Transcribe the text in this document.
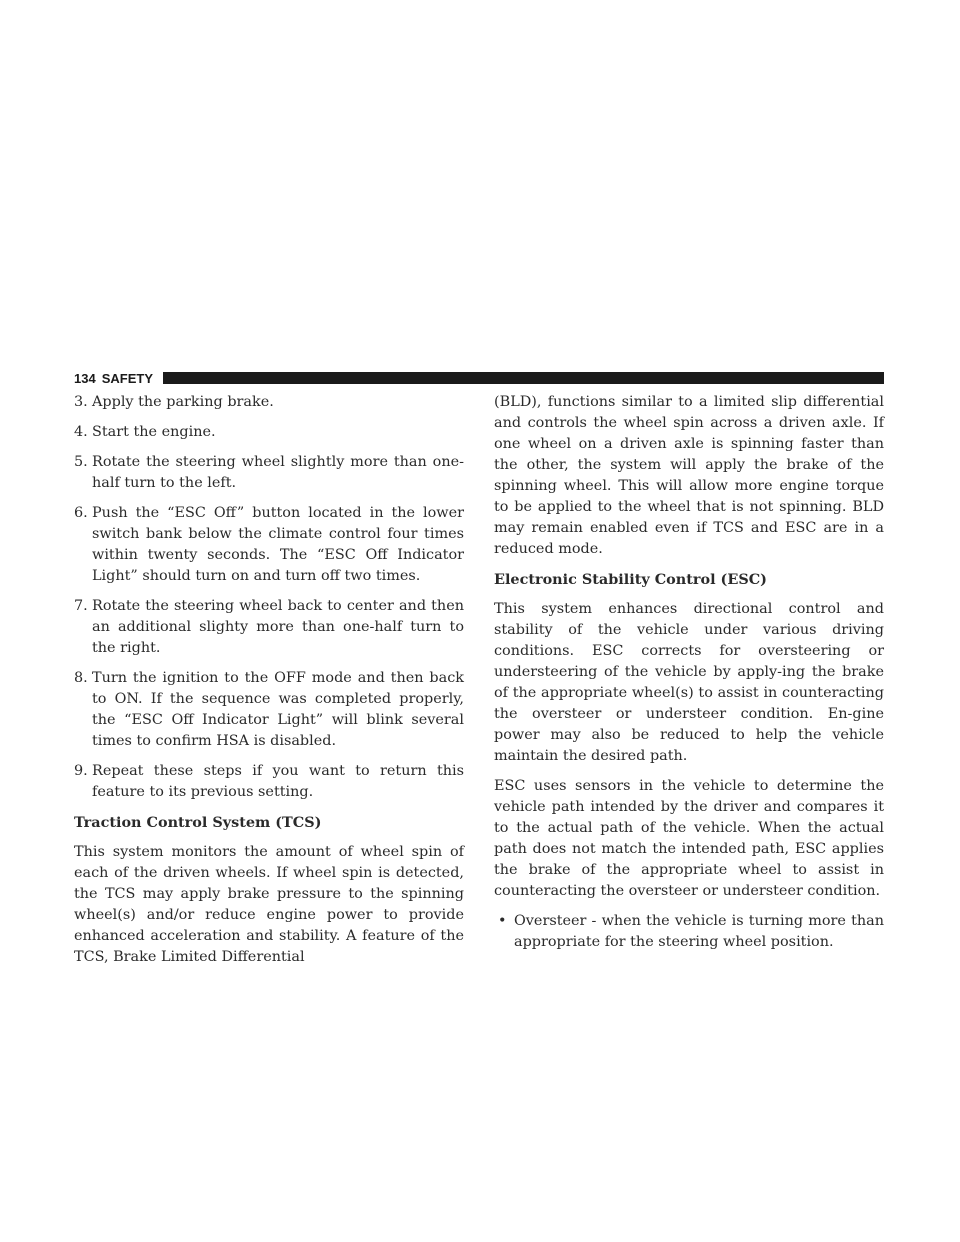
134 SAFETY
3. Apply the parking brake.
4. Start the engine.
5. Rotate the steering wheel slightly more than one-half turn to the left.
6. Push the “ESC Off” button located in the lower switch bank below the climate control four times within twenty seconds. The “ESC Off Indicator Light” should turn on and turn off two times.
7. Rotate the steering wheel back to center and then an additional slighty more than one-half turn to the right.
8. Turn the ignition to the OFF mode and then back to ON. If the sequence was completed properly, the “ESC Off Indicator Light” will blink several times to confirm HSA is disabled.
9. Repeat these steps if you want to return this feature to its previous setting.
Traction Control System (TCS)

This system monitors the amount of wheel spin of each of the driven wheels. If wheel spin is detected, the TCS may apply brake pressure to the spinning wheel(s) and/or reduce engine power to provide enhanced acceleration and stability. A feature of the TCS, Brake Limited Differential

(BLD), functions similar to a limited slip differential and controls the wheel spin across a driven axle. If one wheel on a driven axle is spinning faster than the other, the system will apply the brake of the spinning wheel. This will allow more engine torque to be applied to the wheel that is not spinning. BLD may remain enabled even if TCS and ESC are in a reduced mode.

Electronic Stability Control (ESC)

This system enhances directional control and stability of the vehicle under various driving conditions. ESC corrects for oversteering or understeering of the vehicle by apply-ing the brake of the appropriate wheel(s) to assist in counteracting the oversteer or understeer condition. En-gine power may also be reduced to help the vehicle maintain the desired path.

ESC uses sensors in the vehicle to determine the vehicle path intended by the driver and compares it to the actual path of the vehicle. When the actual path does not match the intended path, ESC applies the brake of the appropriate wheel to assist in counteracting the oversteer or understeer condition.

• Oversteer - when the vehicle is turning more than appropriate for the steering wheel position.
